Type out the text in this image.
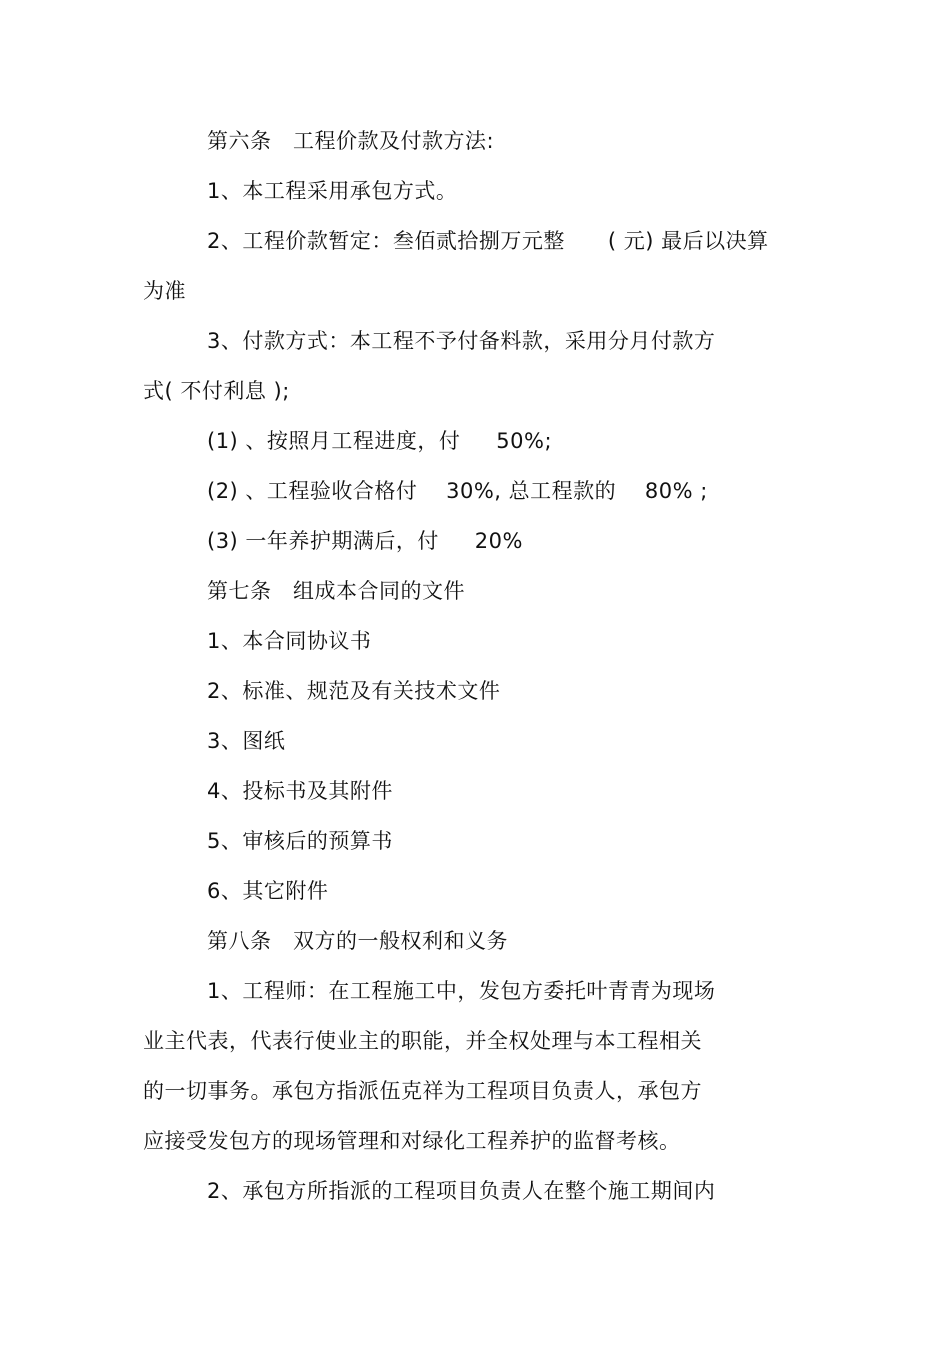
第六条   工程价款及付款方法:
1、本工程采用承包方式。
2、工程价款暂定：叁佰贰拾捌万元整      ( 元) 最后以决算
为准
3、付款方式：本工程不予付备料款，采用分月付款方
式( 不付利息 );
(1) 、按照月工程进度，付     50%;
(2) 、工程验收合格付    30%, 总工程款的    80% ;
(3) 一年养护期满后，付     20%
第七条   组成本合同的文件
1、本合同协议书
2、标准、规范及有关技术文件
3、图纸
4、投标书及其附件
5、审核后的预算书
6、其它附件
第八条   双方的一般权利和义务
1、工程师：在工程施工中，发包方委托叶青青为现场
业主代表，代表行使业主的职能，并全权处理与本工程相关
的一切事务。承包方指派伍克祥为工程项目负责人，承包方
应接受发包方的现场管理和对绿化工程养护的监督考核。
2、承包方所指派的工程项目负责人在整个施工期间内
